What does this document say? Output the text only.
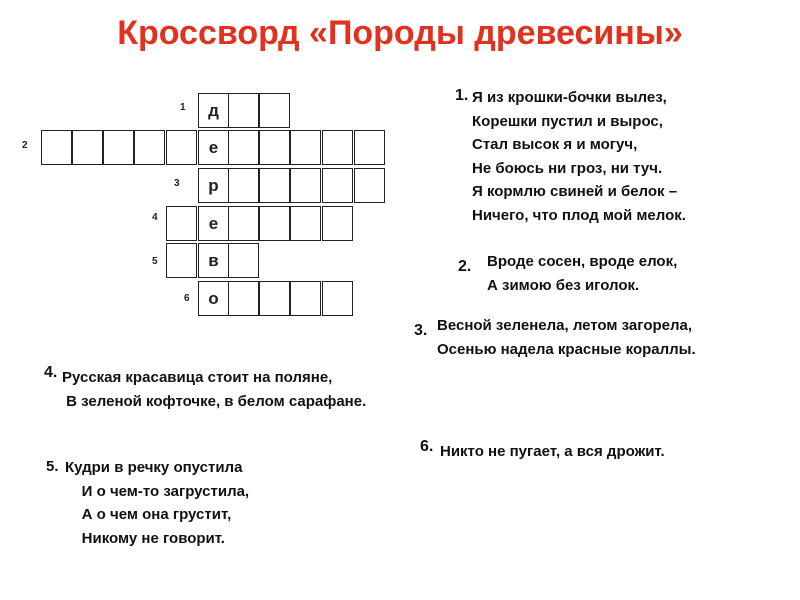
Кроссворд «Породы древесины»
1	д
2	е
3	р
4	е
5	в
6	о
1. Я из крошки-бочки вылез,
Корешки пустил и вырос,
Стал высок я и могуч,
Не боюсь ни гроз, ни туч.
Я кормлю свиней и белок –
Ничего, что плод мой мелок.
2. Вроде сосен, вроде елок,
А зимою без иголок.
3. Весной зеленела, летом загорела,
Осенью надела красные кораллы.
4. Русская красавица стоит на поляне,
В зеленой кофточке, в белом сарафане.
6. Никто не пугает, а вся дрожит.
5. Кудри в речку опустила
И о чем-то загрустила,
А о чем она грустит,
Никому не говорит.
